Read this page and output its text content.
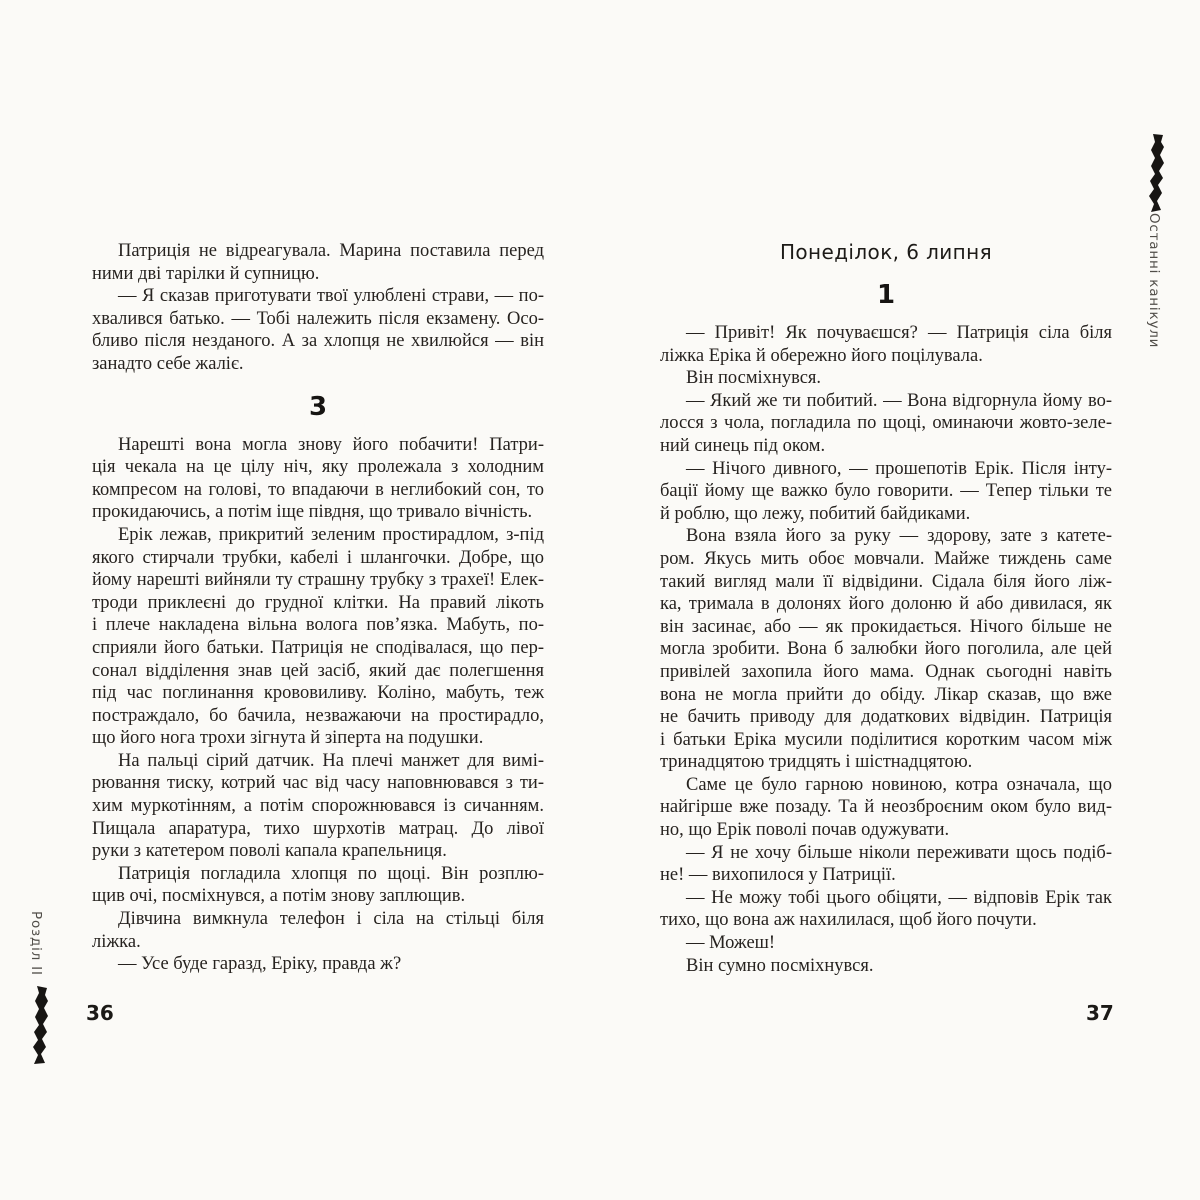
Патриція не відреагувала. Марина поставила перед
ними дві тарілки й супницю.
— Я сказав приготувати твої улюблені страви, — по-
хвалився батько. — Тобі належить після екзамену. Осо-
бливо після незданого. А за хлопця не хвилюйся — він
занадто себе жаліє.
3
Нарешті вона могла знову його побачити! Патри-
ція чекала на це цілу ніч, яку пролежала з холодним
компресом на голові, то впадаючи в неглибокий сон, то
прокидаючись, а потім іще півдня, що тривало вічність.
Ерік лежав, прикритий зеленим простирадлом, з-під
якого стирчали трубки, кабелі і шлангочки. Добре, що
йому нарешті вийняли ту страшну трубку з трахеї! Елек-
троди приклеєні до грудної клітки. На правий лікоть
і плече накладена вільна волога пов’язка. Мабуть, по-
сприяли його батьки. Патриція не сподівалася, що пер-
сонал відділення знав цей засіб, який дає полегшення
під час поглинання крововиливу. Коліно, мабуть, теж
постраждало, бо бачила, незважаючи на простирадло,
що його нога трохи зігнута й зіперта на подушки.
На пальці сірий датчик. На плечі манжет для вимі-
рювання тиску, котрий час від часу наповнювався з ти-
хим муркотінням, а потім спорожнювався із сичанням.
Пищала апаратура, тихо шурхотів матрац. До лівої
руки з катетером поволі капала крапельниця.
Патриція погладила хлопця по щоці. Він розплю-
щив очі, посміхнувся, а потім знову заплющив.
Дівчина вимкнула телефон і сіла на стільці біля ліжка.
— Усе буде гаразд, Еріку, правда ж?
Понеділок, 6 липня
1
— Привіт! Як почуваєшся? — Патриція сіла біля
ліжка Еріка й обережно його поцілувала.
Він посміхнувся.
— Який же ти побитий. — Вона відгорнула йому во-
лосся з чола, погладила по щоці, оминаючи жовто-зеле-
ний синець під оком.
— Нічого дивного, — прошепотів Ерік. Після інту-
бації йому ще важко було говорити. — Тепер тільки те
й роблю, що лежу, побитий байдиками.
Вона взяла його за руку — здорову, зате з катете-
ром. Якусь мить обоє мовчали. Майже тиждень саме
такий вигляд мали її відвідини. Сідала біля його ліж-
ка, тримала в долонях його долоню й або дивилася, як
він засинає, або — як прокидається. Нічого більше не
могла зробити. Вона б залюбки його поголила, але цей
привілей захопила його мама. Однак сьогодні навіть
вона не могла прийти до обіду. Лікар сказав, що вже
не бачить приводу для додаткових відвідин. Патриція
і батьки Еріка мусили поділитися коротким часом між
тринадцятою тридцять і шістнадцятою.
Саме це було гарною новиною, котра означала, що
найгірше вже позаду. Та й неозброєним оком було вид-
но, що Ерік поволі почав одужувати.
— Я не хочу більше ніколи переживати щось подіб-
не! — вихопилося у Патриції.
— Не можу тобі цього обіцяти, — відповів Ерік так
тихо, що вона аж нахилилася, щоб його почути.
— Можеш!
Він сумно посміхнувся.
Розділ II
Останні канікули
36	37
